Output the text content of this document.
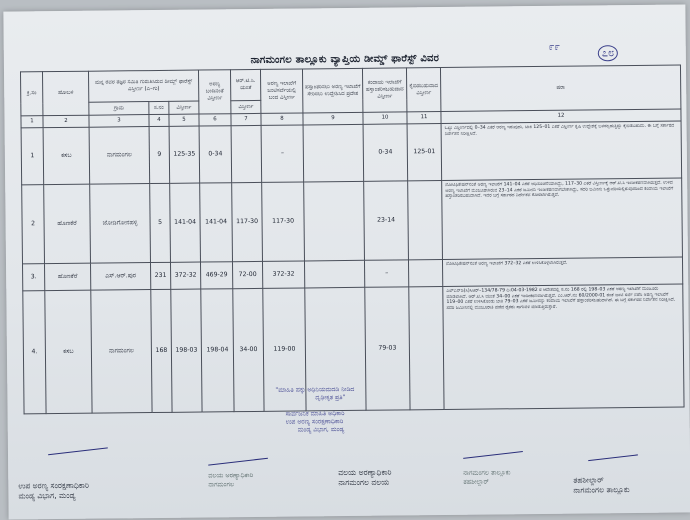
೯೯	೭೮
ನಾಗಮಂಗಲ ತಾಲ್ಲೂಕು ವ್ಯಾಪ್ತಿಯ ಡೀಮ್ಡ್ ಫಾರೆಸ್ಟ್ ವಿವರ
ಕ್ರ.ಸಂ	ಹೋಬಳಿ	ಮನ್ನ ರವರ ತಜ್ಞರ ಸಮಿತಿ ಗುರುತಿಸಿರುವ ಡೀಮ್ಡ್ ಫಾರೆಸ್ಟ್ ವಿಸ್ತೀರ್ಣ (ಎ–ಗು)			ಅರಣ್ಯ ಬಂದಿನಂತೆ ವಿಸ್ತೀರ್ಣ	ಆರ್.ಟಿ.ಸಿ. ಯಂತೆ	ಅರಣ್ಯ ಇಲಾಖೆಗೆ ಜಂಟಿಸರ್ವೆಯಲ್ಲಿ ಬಂದ ವಿಸ್ತೀರ್ಣ	ಹಸ್ತಾಂತರಿಸಲು ಅರಣ್ಯ ಇಲಾಖೆಗೆ ಸೇರಿಸಲು ಉದ್ದೇಶಿಸಿದ ಪ್ರದೇಶ	ಕಂದಾಯ ಇಲಾಖೆಗೆ ಹಸ್ತಾಂತರಿಸಬಹುದಾದ ವಿಸ್ತೀರ್ಣ	ಕೈಬಿಡಬಹುದಾದ ವಿಸ್ತೀರ್ಣ	ಷರಾ
		ಗ್ರಾಮ	ಸ.ನಂ	ವಿಸ್ತೀರ್ಣ		ವಿಸ್ತೀರ್ಣ					
1	2	3	4	5	6	7	8	9	10	11	12
1	ಕಸಬ	ನಾಗಮಂಗಲ	9	125-35	0-34		–		0-34	125-01	ಒಟ್ಟು ವಿಸ್ತೀರ್ಣದಲ್ಲಿ 0–34 ಎಕರೆ ಅರಣ್ಯ ಇರುವುದು, ಬಾಕಿ 125–01 ಎಕರೆ ವಿಸ್ತೀರ್ಣ ಕೃಷಿ ಉದ್ದೇಶಕ್ಕೆ ಬಳಸಲ್ಪಡುತ್ತಿದ್ದು ಕೈಬಿಡಬಹುದು. ಈ ಬಗ್ಗೆ ಸರ್ಕಾರದ ನಿರ್ದೇಶನ ನಿರೀಕ್ಷಿಸಿದೆ.
2	ಹೊಣಕೆರೆ	ಜೋಡಿಗೋನಹಳ್ಳಿ	5	141-04	141-04	117-30	117-30		23-14		ನೋಟಿಫಿಕೇಷನ್‌ನಂತೆ ಅರಣ್ಯ ಇಲಾಖೆಗೆ 141–04 ಎಕರೆ ಅಧಿಸೂಚನೆಯಾಗಿದ್ದು, 117–30 ಎಕರೆ ವಿಸ್ತೀರ್ಣಕ್ಕೆ ಆರ್.ಟಿ.ಸಿ ಇಂಡೀಕರಣವಾಗಿರುತ್ತದೆ. ಉಳಿದ ಅರಣ್ಯ ಇಲಾಖೆಗೆ ಮಂಜೂರಾಗಿರುವ 23–14 ಎಕರೆ ಜಮೀನು ಇಂಡೀಕರಣವಾಗಬೇಕಾಗಿದ್ದು, ಸದರಿ ಜಮೀನು ಒತ್ತುವರಿಯಲ್ಲಿರುವುದರಿಂದ ಕಂದಾಯ ಇಲಾಖೆಗೆ ಹಸ್ತಾಂತರಿಸಬಹುದಾಗಿದೆ. ಇದರ ಬಗ್ಗೆ ಸರ್ಕಾರದ ನಿರ್ದೇಶನ ಕೋರಲಾಗಿರುತ್ತದೆ.
3.	ಹೊಣಕೆರೆ	ಎಸ್.ಆರ್.ಪುರ	231	372-32	469-29	72-00	372-32		–		ನೋಟಿಫಿಕೇಷನ್‌ನಂತೆ ಅರಣ್ಯ ಇಲಾಖೆಗೆ 372–32 ಎಕರೆ ಉಳಿಸಿಕೊಳ್ಳಲಾಗಿರುತ್ತದೆ.
4.	ಕಸಬ	ನಾಗಮಂಗಲ	168	198-03	198-04	34-00	119-00		79-03		ಎಲ್‌ಎನ್‌ಡಿ(ಸಿ)ಸಿಆರ್–134/78-79 ದಿ:04-03-1982 ರ ಆದೇಶದಲ್ಲಿ ಸ.ನಂ 168 ರಲ್ಲಿ 198–03 ಎಕರೆ ಅರಣ್ಯ ಇಲಾಖೆಗೆ ಮಂಜೂರು ಮಾಡಲಾಗಿದೆ. ಆರ್.ಟಿ.ಸಿ ಯಂತೆ 34–00 ಎಕರೆ ಇಂಡೀಕರಣವಾಗಿರುತ್ತದೆ. ಎಂ.ಆರ್.ನಂ 60/2000-01 ರಂತೆ ಜಂಟಿ ಸರ್ವೆ ನಡೆಸಿ ಅರಣ್ಯ ಇಲಾಖೆಗೆ 119–00 ಎಕರೆ ಉಳಿಸಿಕೊಂಡು ಬಾಕಿ 79–03 ಎಕರೆ ಜಮೀನನ್ನು ಕಂದಾಯ ಇಲಾಖೆಗೆ ಹಸ್ತಾಂತರಿಸಬಹುದಾಗಿದೆ. ಈ ಬಗ್ಗೆ ಸರ್ಕಾರದ ನಿರ್ದೇಶನ ನಿರೀಕ್ಷಿಸಿದೆ. ಸದರಿ ಜಮೀನಿನಲ್ಲಿ ಮಂಜೂರಾತಿ ಪಡೆದ ರೈತರು ಸಾಗುವಳಿ ಮಾಡುತ್ತಿರುತ್ತಾರೆ.
"ಮಾಹಿತಿ ಹಕ್ಕು ಅಧಿನಿಯಮದಡಿ ನೀಡಿದ
ದೃಢೀಕೃತ ಪ್ರತಿ"
ಸಾರ್ವಜನಿಕ ಮಾಹಿತಿ ಅಧಿಕಾರಿ
ಉಪ ಅರಣ್ಯ ಸಂರಕ್ಷಣಾಧಿಕಾರಿ
ಮಂಡ್ಯ ವಿಭಾಗ, ಮಂಡ್ಯ
ಉಪ ಅರಣ್ಯ ಸಂರಕ್ಷಣಾಧಿಕಾರಿ
ಮಂಡ್ಯ ವಿಭಾಗ, ಮಂಡ್ಯ
ವಲಯ ಅರಣ್ಯಾಧಿಕಾರಿ
ನಾಗಮಂಗಲ
ವಲಯ ಅರಣ್ಯಾಧಿಕಾರಿ
ನಾಗಮಂಗಲ ವಲಯ
ನಾಗಮಂಗಲ ತಾಲ್ಲೂಕು
ತಹಶೀಲ್ದಾರ್	ತಹಶೀಲ್ದಾರ್
ನಾಗಮಂಗಲ ತಾಲ್ಲೂಕು
